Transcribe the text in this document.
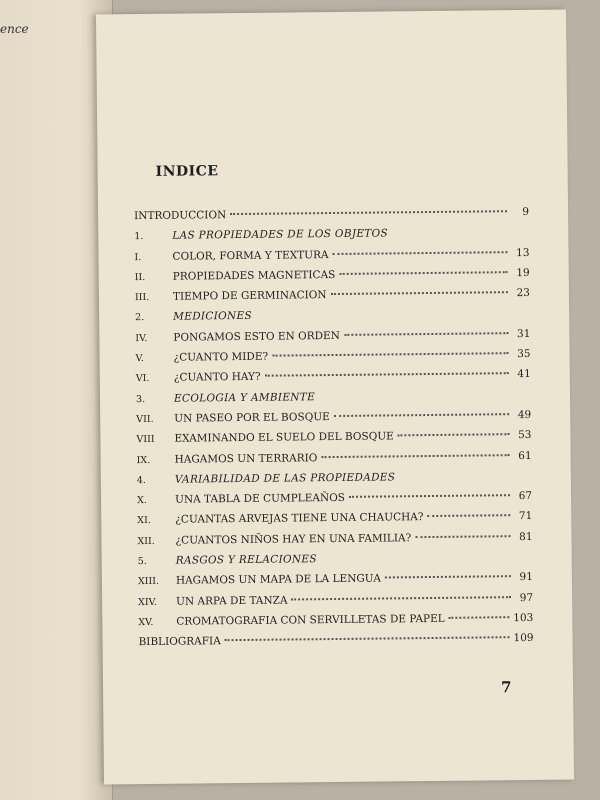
ence
INDICE
INTRODUCCION	9
1.	LAS PROPIEDADES DE LOS OBJETOS
I.	COLOR, FORMA Y TEXTURA	13
II.	PROPIEDADES MAGNETICAS	19
III.	TIEMPO DE GERMINACION	23
2.	MEDICIONES
IV.	PONGAMOS ESTO EN ORDEN	31
V.	¿CUANTO MIDE?	35
VI.	¿CUANTO HAY?	41
3.	ECOLOGIA Y AMBIENTE
VII.	UN PASEO POR EL BOSQUE	49
VIII	EXAMINANDO EL SUELO DEL BOSQUE	53
IX.	HAGAMOS UN TERRARIO	61
4.	VARIABILIDAD DE LAS PROPIEDADES
X.	UNA TABLA DE CUMPLEAÑOS	67
XI.	¿CUANTAS ARVEJAS TIENE UNA CHAUCHA?	71
XII.	¿CUANTOS NIÑOS HAY EN UNA FAMILIA?	81
5.	RASGOS Y RELACIONES
XIII.	HAGAMOS UN MAPA DE LA LENGUA	91
XIV.	UN ARPA DE TANZA	97
XV.	CROMATOGRAFIA CON SERVILLETAS DE PAPEL	103
BIBLIOGRAFIA	109
7
